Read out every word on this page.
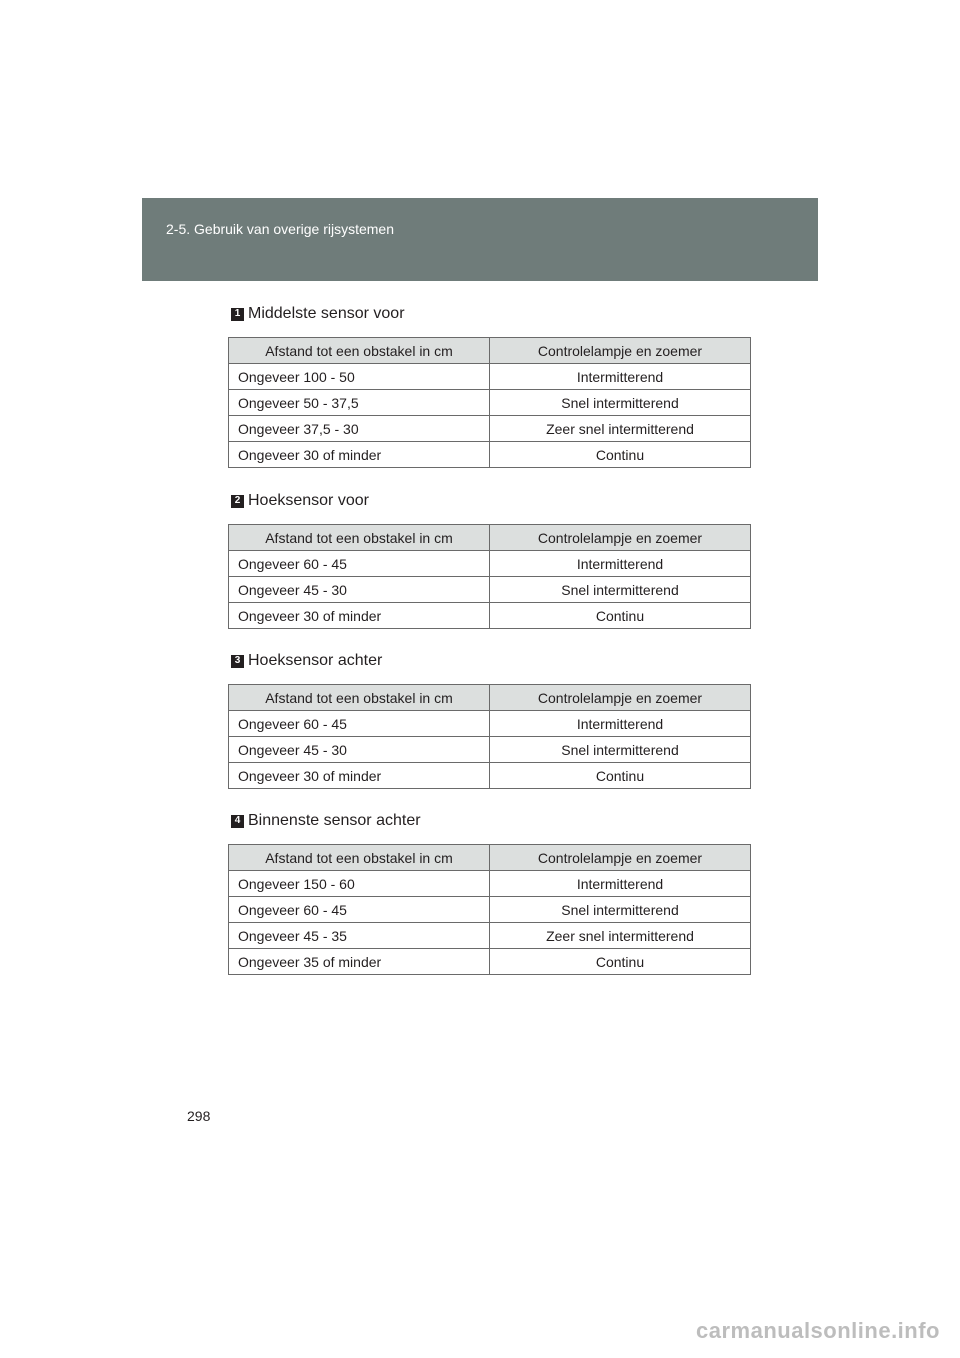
2-5. Gebruik van overige rijsystemen
1 Middelste sensor voor
Afstand tot een obstakel in cm	Controlelampje en zoemer
Ongeveer 100 - 50	Intermitterend
Ongeveer 50 - 37,5	Snel intermitterend
Ongeveer 37,5 - 30	Zeer snel intermitterend
Ongeveer 30 of minder	Continu
2 Hoeksensor voor
Afstand tot een obstakel in cm	Controlelampje en zoemer
Ongeveer 60 - 45	Intermitterend
Ongeveer 45 - 30	Snel intermitterend
Ongeveer 30 of minder	Continu
3 Hoeksensor achter
Afstand tot een obstakel in cm	Controlelampje en zoemer
Ongeveer 60 - 45	Intermitterend
Ongeveer 45 - 30	Snel intermitterend
Ongeveer 30 of minder	Continu
4 Binnenste sensor achter
Afstand tot een obstakel in cm	Controlelampje en zoemer
Ongeveer 150 - 60	Intermitterend
Ongeveer 60 - 45	Snel intermitterend
Ongeveer 45 - 35	Zeer snel intermitterend
Ongeveer 35 of minder	Continu
298
carmanualsonline.info
